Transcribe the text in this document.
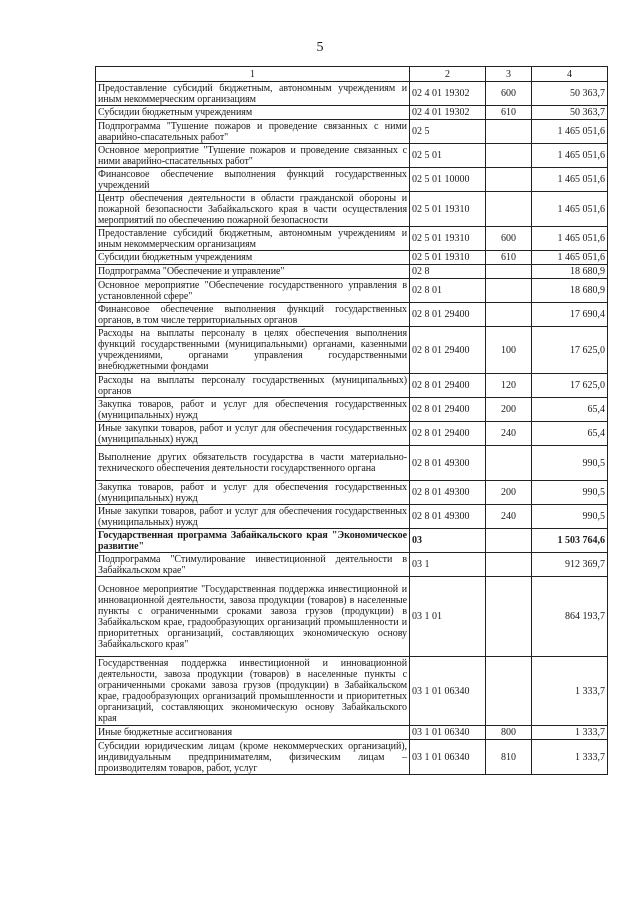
5
1	2	3	4
Предоставление субсидий бюджетным, автономным учреждениям и иным некоммерческим организациям	02 4 01 19302	600	50 363,7
Субсидии бюджетным учреждениям	02 4 01 19302	610	50 363,7
Подпрограмма "Тушение пожаров и проведение связанных с ними аварийно-спасательных работ"	02 5		1 465 051,6
Основное мероприятие "Тушение пожаров и проведение связанных с ними аварийно-спасательных работ"	02 5 01		1 465 051,6
Финансовое обеспечение выполнения функций государственных учреждений	02 5 01 10000		1 465 051,6
Центр обеспечения деятельности в области гражданской обороны и пожарной безопасности Забайкальского края в части осуществления мероприятий по обеспечению пожарной безопасности	02 5 01 19310		1 465 051,6
Предоставление субсидий бюджетным, автономным учреждениям и иным некоммерческим организациям	02 5 01 19310	600	1 465 051,6
Субсидии бюджетным учреждениям	02 5 01 19310	610	1 465 051,6
Подпрограмма "Обеспечение и управление"	02 8		18 680,9
Основное мероприятие "Обеспечение государственного управления в установленной сфере"	02 8 01		18 680,9
Финансовое обеспечение выполнения функций государственных органов, в том числе территориальных органов	02 8 01 29400		17 690,4
Расходы на выплаты персоналу в целях обеспечения выполнения функций государственными (муниципальными) органами, казенными учреждениями, органами управления государственными внебюджетными фондами	02 8 01 29400	100	17 625,0
Расходы на выплаты персоналу государственных (муниципальных) органов	02 8 01 29400	120	17 625,0
Закупка товаров, работ и услуг для обеспечения государственных (муниципальных) нужд	02 8 01 29400	200	65,4
Иные закупки товаров, работ и услуг для обеспечения государственных (муниципальных) нужд	02 8 01 29400	240	65,4
Выполнение других обязательств государства в части материально-технического обеспечения деятельности государственного органа	02 8 01 49300		990,5
Закупка товаров, работ и услуг для обеспечения государственных (муниципальных) нужд	02 8 01 49300	200	990,5
Иные закупки товаров, работ и услуг для обеспечения государственных (муниципальных) нужд	02 8 01 49300	240	990,5
Государственная программа Забайкальского края "Экономическое развитие"	03		1 503 764,6
Подпрограмма "Стимулирование инвестиционной деятельности в Забайкальском крае"	03 1		912 369,7
Основное мероприятие "Государственная поддержка инвестиционной и инновационной деятельности, завоза продукции (товаров) в населенные пункты с ограниченными сроками завоза грузов (продукции) в Забайкальском крае, градообразующих организаций промышленности и приоритетных организаций, составляющих экономическую основу Забайкальского края"	03 1 01		864 193,7
Государственная поддержка инвестиционной и инновационной деятельности, завоза продукции (товаров) в населенные пункты с ограниченными сроками завоза грузов (продукции) в Забайкальском крае, градообразующих организаций промышленности и приоритетных организаций, составляющих экономическую основу Забайкальского края	03 1 01 06340		1 333,7
Иные бюджетные ассигнования	03 1 01 06340	800	1 333,7
Субсидии юридическим лицам (кроме некоммерческих организаций), индивидуальным предпринимателям, физическим лицам – производителям товаров, работ, услуг	03 1 01 06340	810	1 333,7
